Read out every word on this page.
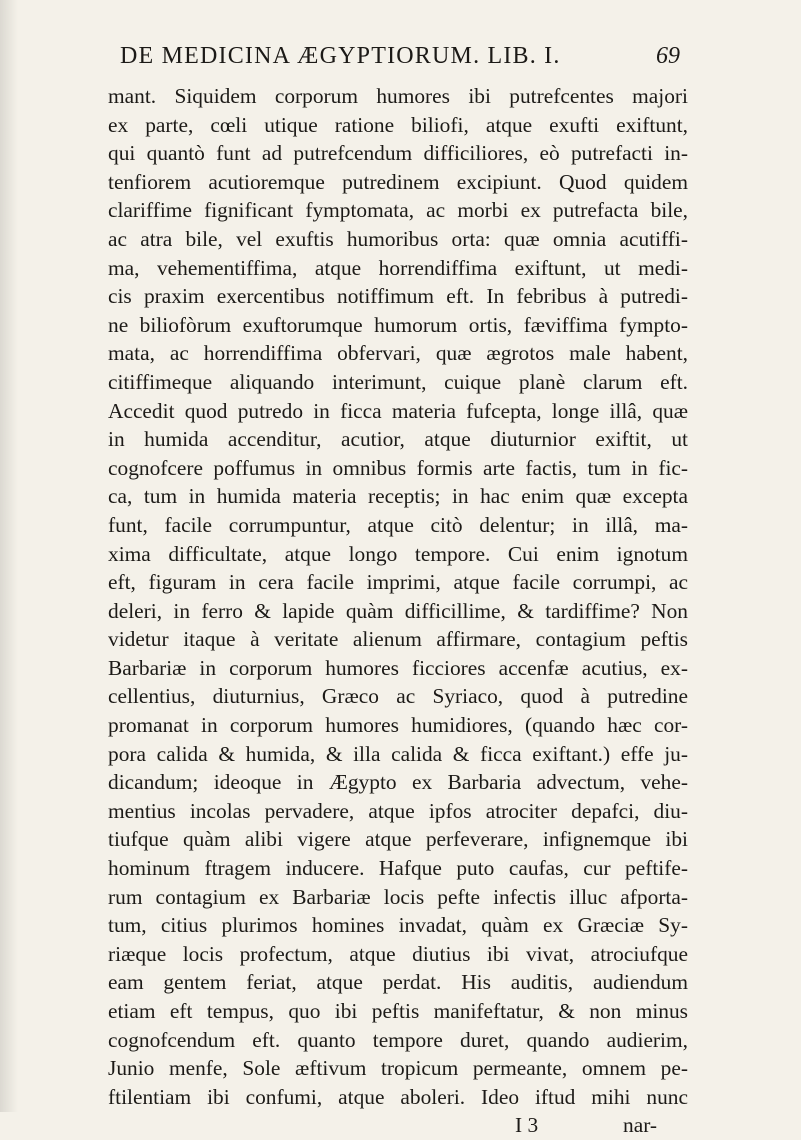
DE MEDICINA ÆGYPTIORUM. LIB. I.	69
mant. Siquidem corporum humores ibi putrefcentes majori
ex parte, cœli utique ratione biliofi, atque exufti exiftunt,
qui quantò funt ad putrefcendum difficiliores, eò putrefacti in-
tenfiorem acutioremque putredinem excipiunt. Quod quidem
clariffime fignificant fymptomata, ac morbi ex putrefacta bile,
ac atra bile, vel exuftis humoribus orta: quæ omnia acutiffi-
ma, vehementiffima, atque horrendiffima exiftunt, ut medi-
cis praxim exercentibus notiffimum eft. In febribus à putredi-
ne biliofòrum exuftorumque humorum ortis, fæviffima fympto-
mata, ac horrendiffima obfervari, quæ ægrotos male habent,
citiffimeque aliquando interimunt, cuique planè clarum eft.
Accedit quod putredo in ficca materia fufcepta, longe illâ, quæ
in humida accenditur, acutior, atque diuturnior exiftit, ut
cognofcere poffumus in omnibus formis arte factis, tum in fic-
ca, tum in humida materia receptis; in hac enim quæ excepta
funt, facile corrumpuntur, atque citò delentur; in illâ, ma-
xima difficultate, atque longo tempore. Cui enim ignotum
eft, figuram in cera facile imprimi, atque facile corrumpi, ac
deleri, in ferro & lapide quàm difficillime, & tardiffime? Non
videtur itaque à veritate alienum affirmare, contagium peftis
Barbariæ in corporum humores ficciores accenfæ acutius, ex-
cellentius, diuturnius, Græco ac Syriaco, quod à putredine
promanat in corporum humores humidiores, (quando hæc cor-
pora calida & humida, & illa calida & ficca exiftant.) effe ju-
dicandum; ideoque in Ægypto ex Barbaria advectum, vehe-
mentius incolas pervadere, atque ipfos atrociter depafci, diu-
tiufque quàm alibi vigere atque perfeverare, infignemque ibi
hominum ftragem inducere. Hafque puto caufas, cur peftife-
rum contagium ex Barbariæ locis pefte infectis illuc afporta-
tum, citius plurimos homines invadat, quàm ex Græciæ Sy-
riæque locis profectum, atque diutius ibi vivat, atrociufque
eam gentem feriat, atque perdat. His auditis, audiendum
etiam eft tempus, quo ibi peftis manifeftatur, & non minus
cognofcendum eft. quanto tempore duret, quando audierim,
Junio menfe, Sole æftivum tropicum permeante, omnem pe-
ftilentiam ibi confumi, atque aboleri. Ideo iftud mihi nunc
I 3	nar-
